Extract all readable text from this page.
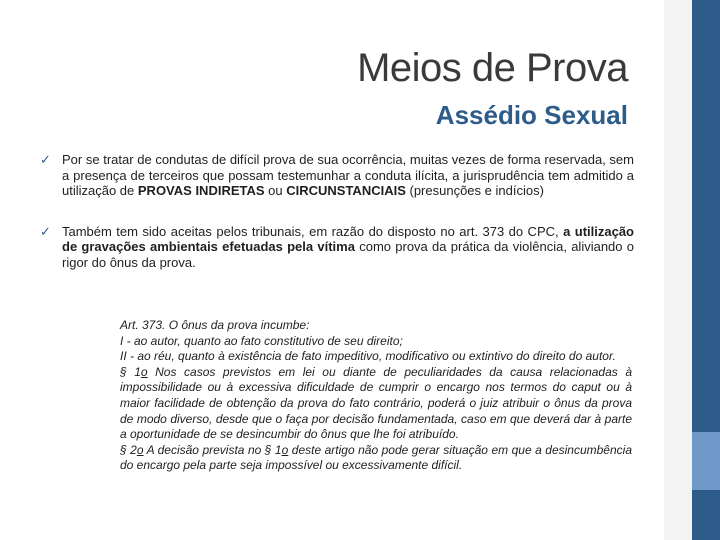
Meios de Prova
Assédio Sexual
✓ Por se tratar de condutas de difícil prova de sua ocorrência, muitas vezes de forma reservada, sem a presença de terceiros que possam testemunhar a conduta ilícita, a jurisprudência tem admitido a utilização de PROVAS INDIRETAS ou CIRCUNSTANCIAIS (presunções e indícios)
✓ Também tem sido aceitas pelos tribunais, em razão do disposto no art. 373 do CPC, a utilização de gravações ambientais efetuadas pela vítima como prova da prática da violência, aliviando o rigor do ônus da prova.

Art. 373. O ônus da prova incumbe:

I - ao autor, quanto ao fato constitutivo de seu direito;

II - ao réu, quanto à existência de fato impeditivo, modificativo ou extintivo do direito do autor.

§ 1o Nos casos previstos em lei ou diante de peculiaridades da causa relacionadas à impossibilidade ou à excessiva dificuldade de cumprir o encargo nos termos do caput ou à maior facilidade de obtenção da prova do fato contrário, poderá o juiz atribuir o ônus da prova de modo diverso, desde que o faça por decisão fundamentada, caso em que deverá dar à parte a oportunidade de se desincumbir do ônus que lhe foi atribuído.

§ 2o A decisão prevista no § 1o deste artigo não pode gerar situação em que a desincumbência do encargo pela parte seja impossível ou excessivamente difícil.
